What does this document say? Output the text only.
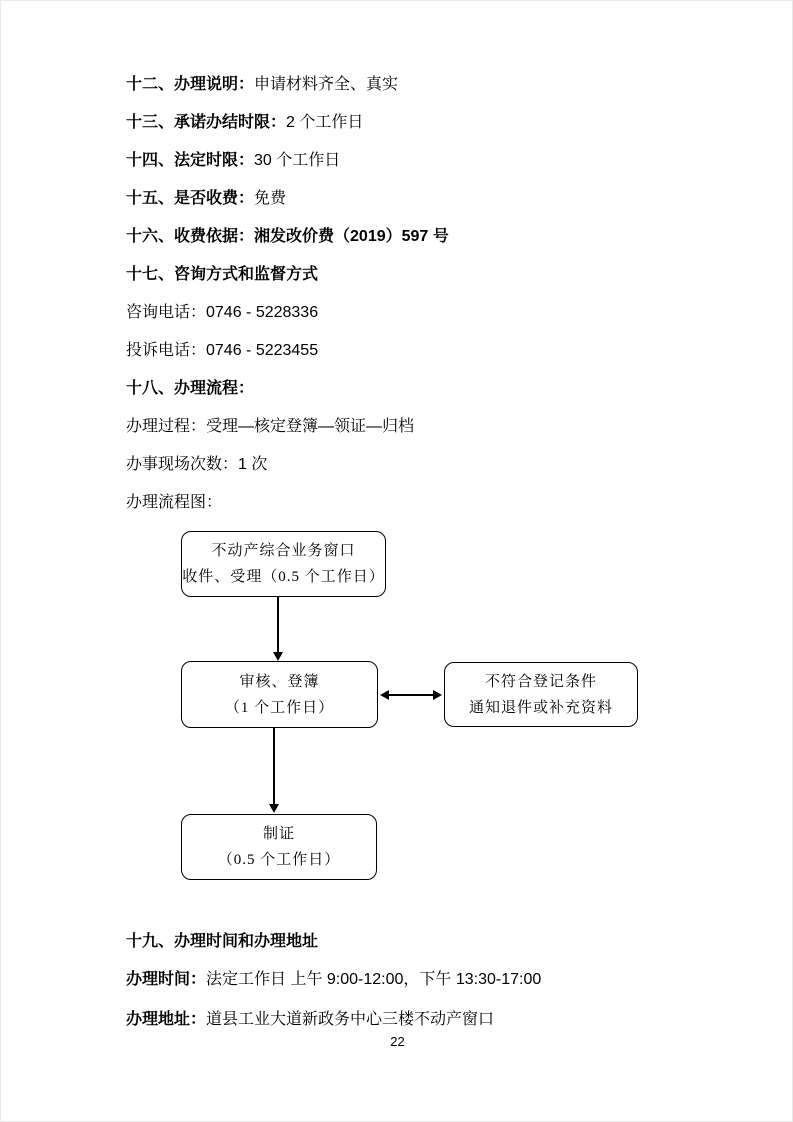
十二、办理说明：申请材料齐全、真实

十三、承诺办结时限：2 个工作日

十四、法定时限：30 个工作日

十五、是否收费：免费

十六、收费依据：湘发改价费（2019）597 号

十七、咨询方式和监督方式

咨询电话：0746 - 5228336

投诉电话：0746 - 5223455

十八、办理流程：

办理过程：受理—核定登簿—领证—归档

办事现场次数：1 次

办理流程图：

不动产综合业务窗口
收件、受理（0.5 个工作日）
审核、登簿
（1 个工作日）
不符合登记条件
通知退件或补充资料
制证
（0.5 个工作日）

十九、办理时间和办理地址

办理时间：法定工作日 上午 9:00-12:00，下午 13:30-17:00

办理地址：道县工业大道新政务中心三楼不动产窗口

22
